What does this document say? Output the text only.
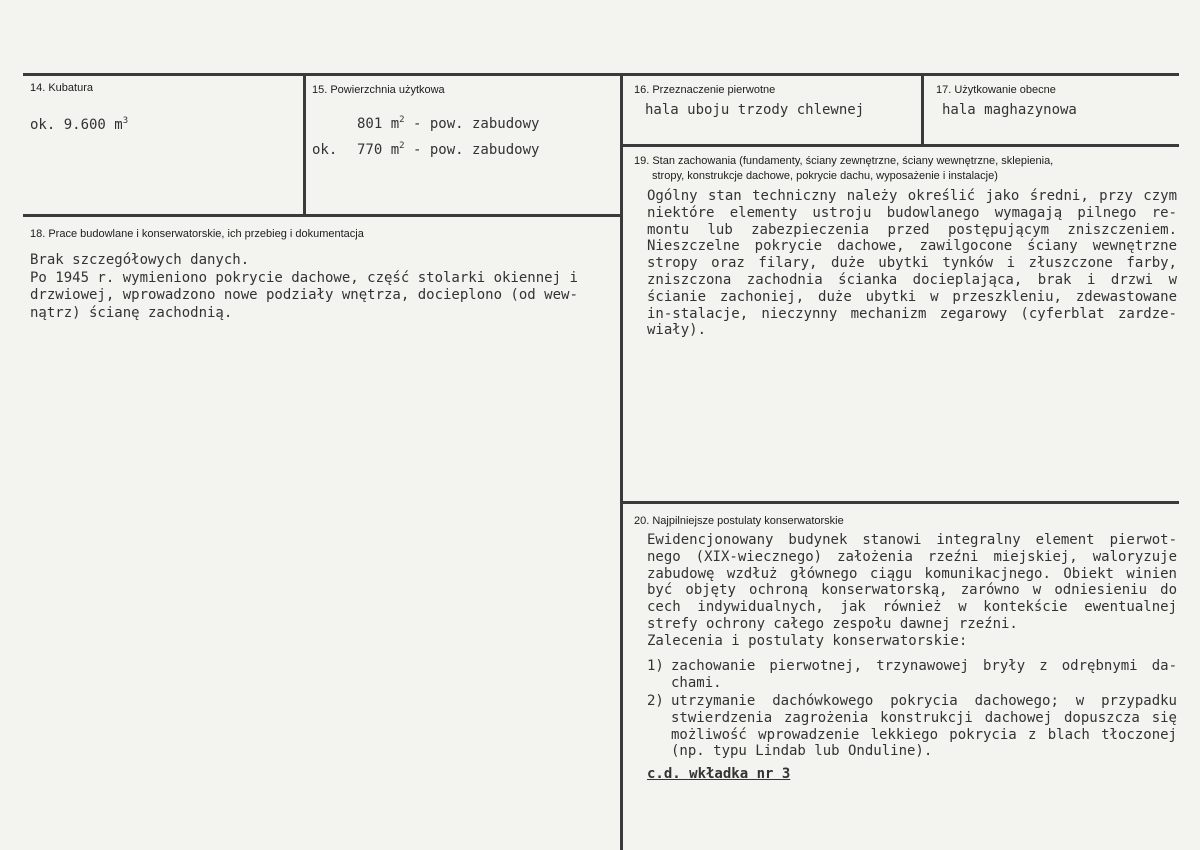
14. Kubatura
ok. 9.600 $m^3$
15. Powierzchnia użytkowa
801 $m^2$ - pow. zabudowy
ok. 770 $m^2$ - pow. zabudowy
16. Przeznaczenie pierwotne
hala uboju trzody chlewnej
17. Użytkowanie obecne
hala maghazynowa
18. Prace budowlane i konserwatorskie, ich przebieg i dokumentacja
Brak szczegółowych danych.
Po 1945 r. wymieniono pokrycie dachowe, część stolarki okiennej i
drzwiowej, wprowadzono nowe podziały wnętrza, docieplono (od wew-
nątrz) ścianę zachodnią.
19. Stan zachowania (fundamenty, ściany zewnętrzne, ściany wewnętrzne, sklepienia,
stropy, konstrukcje dachowe, pokrycie dachu, wyposażenie i instalacje)
Ogólny stan techniczny należy określić jako średni, przy czym
niektóre elementy ustroju budowlanego wymagają pilnego re-
montu lub zabezpieczenia przed postępującym zniszczeniem.
Nieszczelne pokrycie dachowe, zawilgocone ściany wewnętrzne
stropy oraz filary, duże ubytki tynków i złuszczone farby,
zniszczona zachodnia ścianka docieplająca, brak i drzwi w
ścianie zachoniej, duże ubytki w przeszkleniu, zdewastowane
in-stalacje, nieczynny mechanizm zegarowy (cyferblat zardze-
wiały).
20. Najpilniejsze postulaty konserwatorskie
Ewidencjonowany budynek stanowi integralny element pierwot-
nego (XIX-wiecznego) założenia rzeźni miejskiej, waloryzuje
zabudowę wzdłuż głównego ciągu komunikacjnego. Obiekt winien
być objęty ochroną konserwatorską, zarówno w odniesieniu do
cech indywidualnych, jak również w kontekście ewentualnej
strefy ochrony całego zespołu dawnej rzeźni.
Zalecenia i postulaty konserwatorskie:
1) zachowanie pierwotnej, trzynawowej bryły z odrębnymi da-
chami.
2) utrzymanie dachówkowego pokrycia dachowego; w przypadku
stwierdzenia zagrożenia konstrukcji dachowej dopuszcza się
możliwość wprowadzenie lekkiego pokrycia z blach tłoczonej
(np. typu Lindab lub Onduline).
c.d. wkładka nr 3
